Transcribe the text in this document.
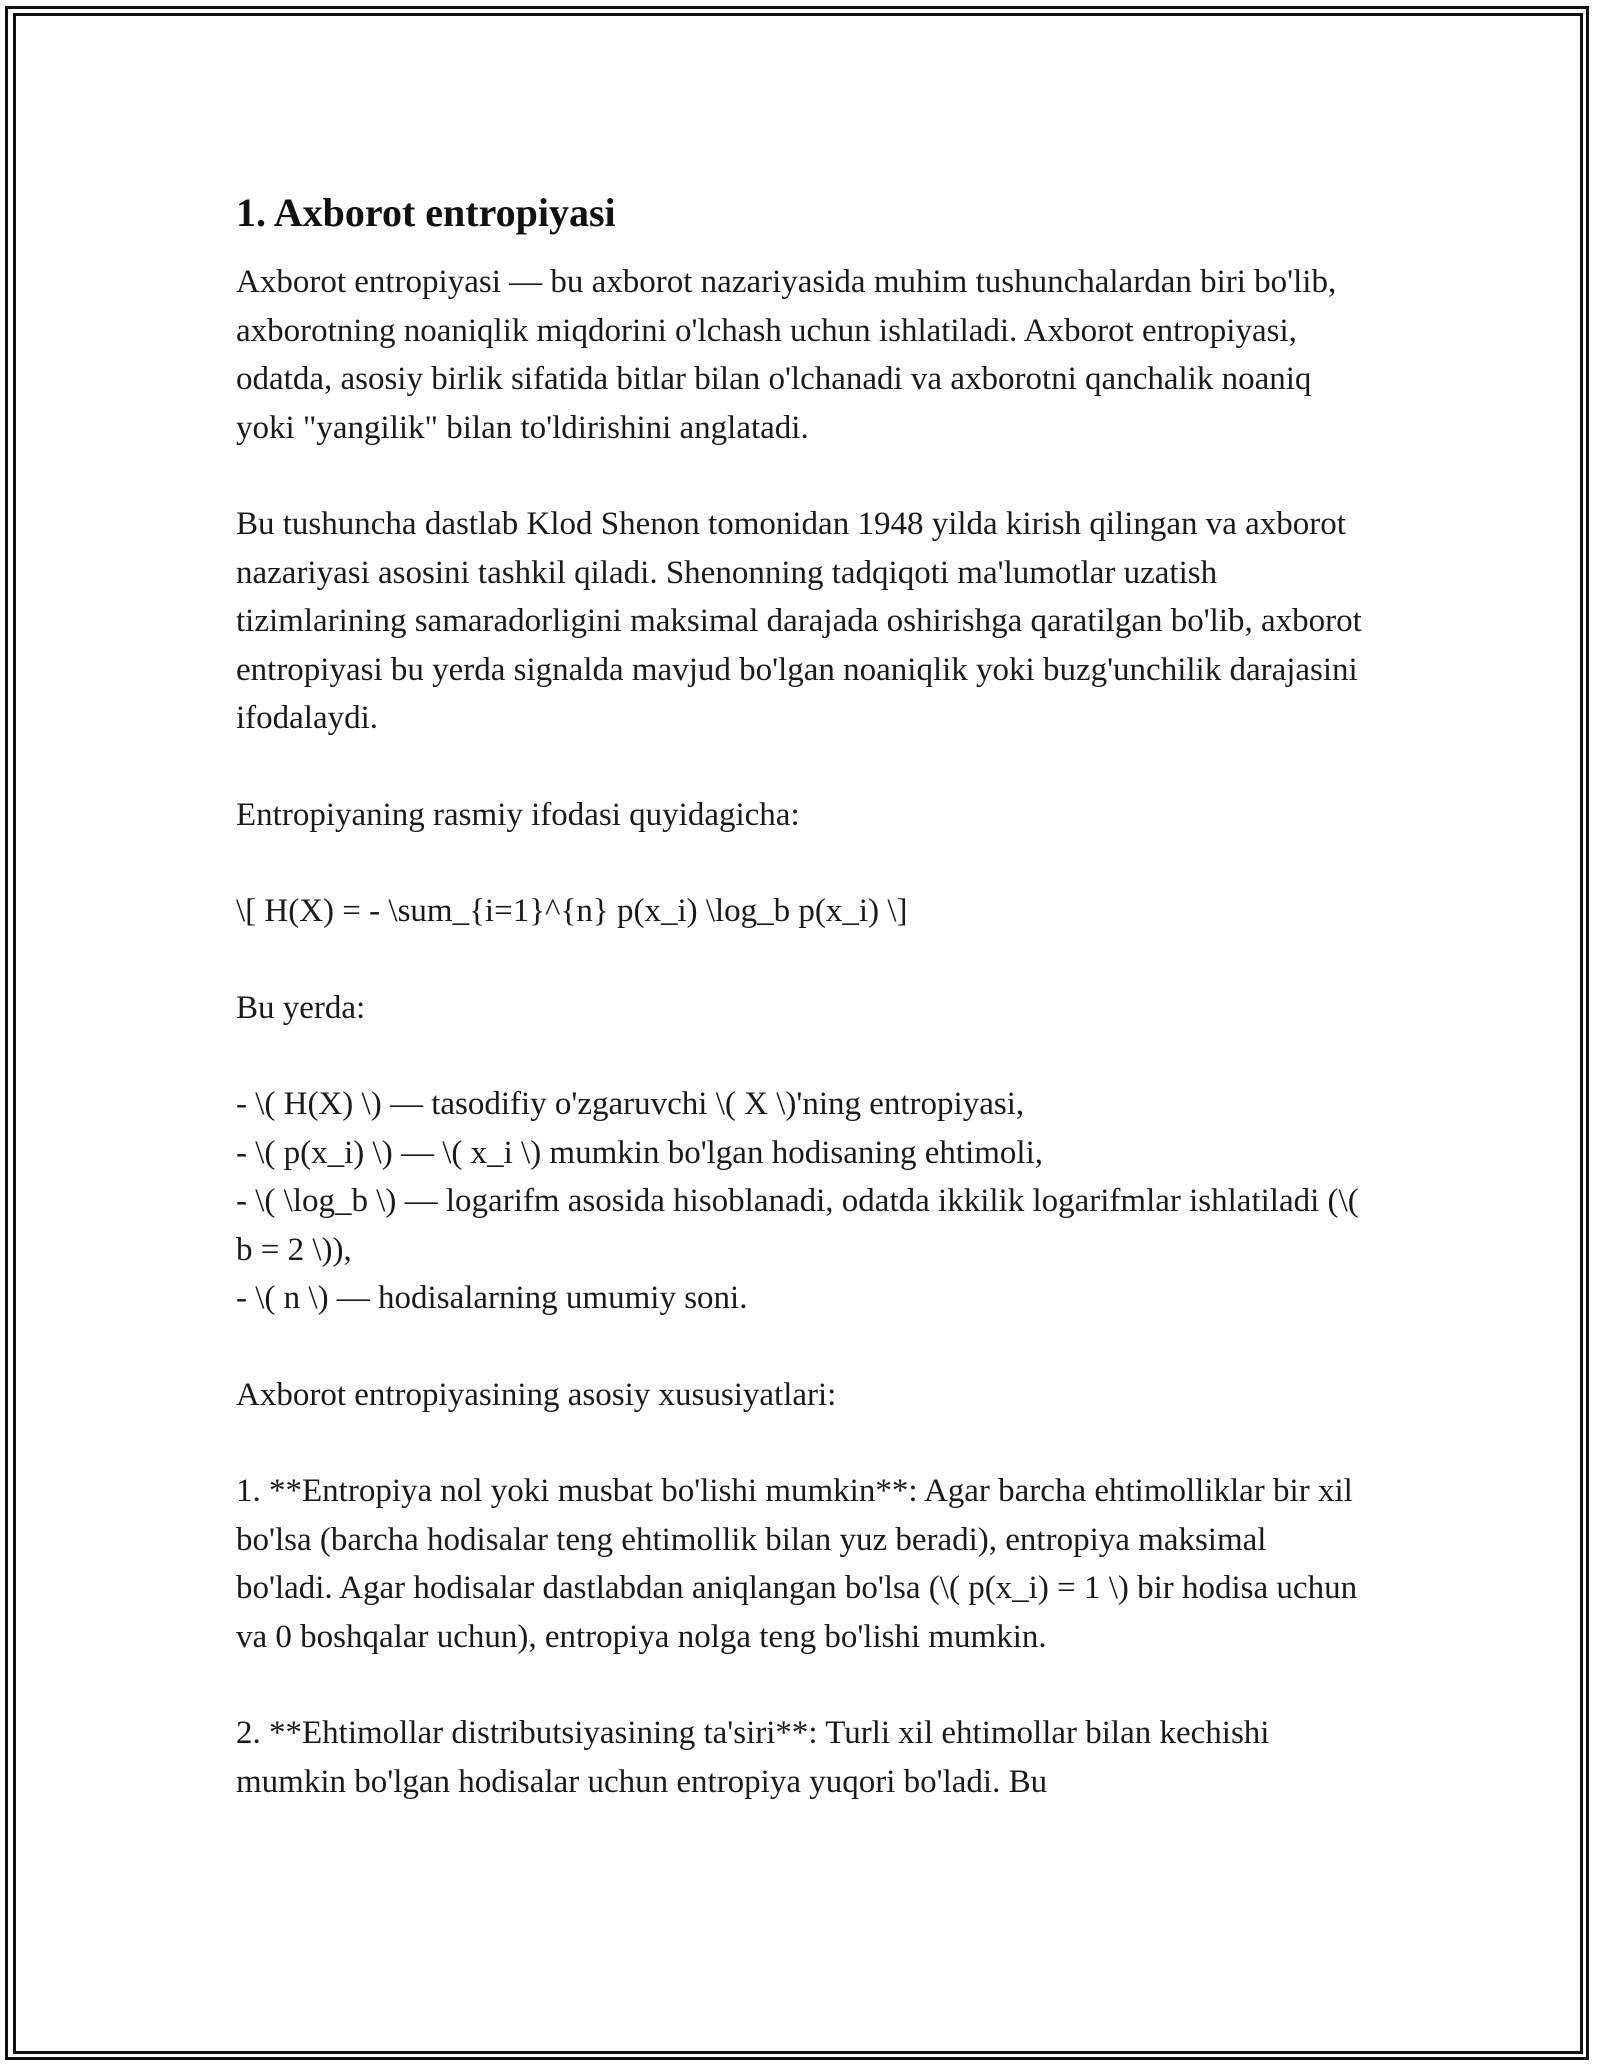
1. Axborot entropiyasi

Axborot entropiyasi — bu axborot nazariyasida muhim tushunchalardan biri bo'lib, axborotning noaniqlik miqdorini o'lchash uchun ishlatiladi. Axborot entropiyasi, odatda, asosiy birlik sifatida bitlar bilan o'lchanadi va axborotni qanchalik noaniq yoki "yangilik" bilan to'ldirishini anglatadi.

Bu tushuncha dastlab Klod Shenon tomonidan 1948 yilda kirish qilingan va axborot nazariyasi asosini tashkil qiladi. Shenonning tadqiqoti ma'lumotlar uzatish tizimlarining samaradorligini maksimal darajada oshirishga qaratilgan bo'lib, axborot entropiyasi bu yerda signalda mavjud bo'lgan noaniqlik yoki buzg'unchilik darajasini ifodalaydi.

Entropiyaning rasmiy ifodasi quyidagicha:

\[ H(X) = - \sum_{i=1}^{n} p(x_i) \log_b p(x_i) \]

Bu yerda:

- \( H(X) \) — tasodifiy o'zgaruvchi \( X \)'ning entropiyasi,
- \( p(x_i) \) — \( x_i \) mumkin bo'lgan hodisaning ehtimoli,
- \( \log_b \) — logarifm asosida hisoblanadi, odatda ikkilik logarifmlar ishlatiladi (\( b = 2 \)),
- \( n \) — hodisalarning umumiy soni.

Axborot entropiyasining asosiy xususiyatlari:

1. **Entropiya nol yoki musbat bo'lishi mumkin**: Agar barcha ehtimolliklar bir xil bo'lsa (barcha hodisalar teng ehtimollik bilan yuz beradi), entropiya maksimal bo'ladi. Agar hodisalar dastlabdan aniqlangan bo'lsa (\( p(x_i) = 1 \) bir hodisa uchun va 0 boshqalar uchun), entropiya nolga teng bo'lishi mumkin.

2. **Ehtimollar distributsiyasining ta'siri**: Turli xil ehtimollar bilan kechishi mumkin bo'lgan hodisalar uchun entropiya yuqori bo'ladi. Bu
